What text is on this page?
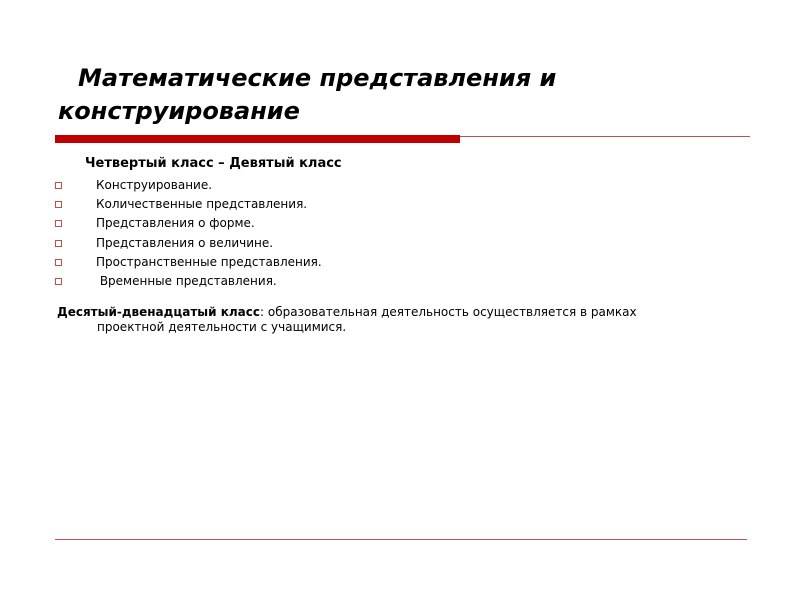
Математические представления и
конструирование

Четвертый класс – Девятый класс

Конструирование.
Количественные представления.
Представления о форме.
Представления о величине.
Пространственные представления.
Временные представления.

Десятый-двенадцатый класс: образовательная деятельность осуществляется в рамках
проектной деятельности с учащимися.
